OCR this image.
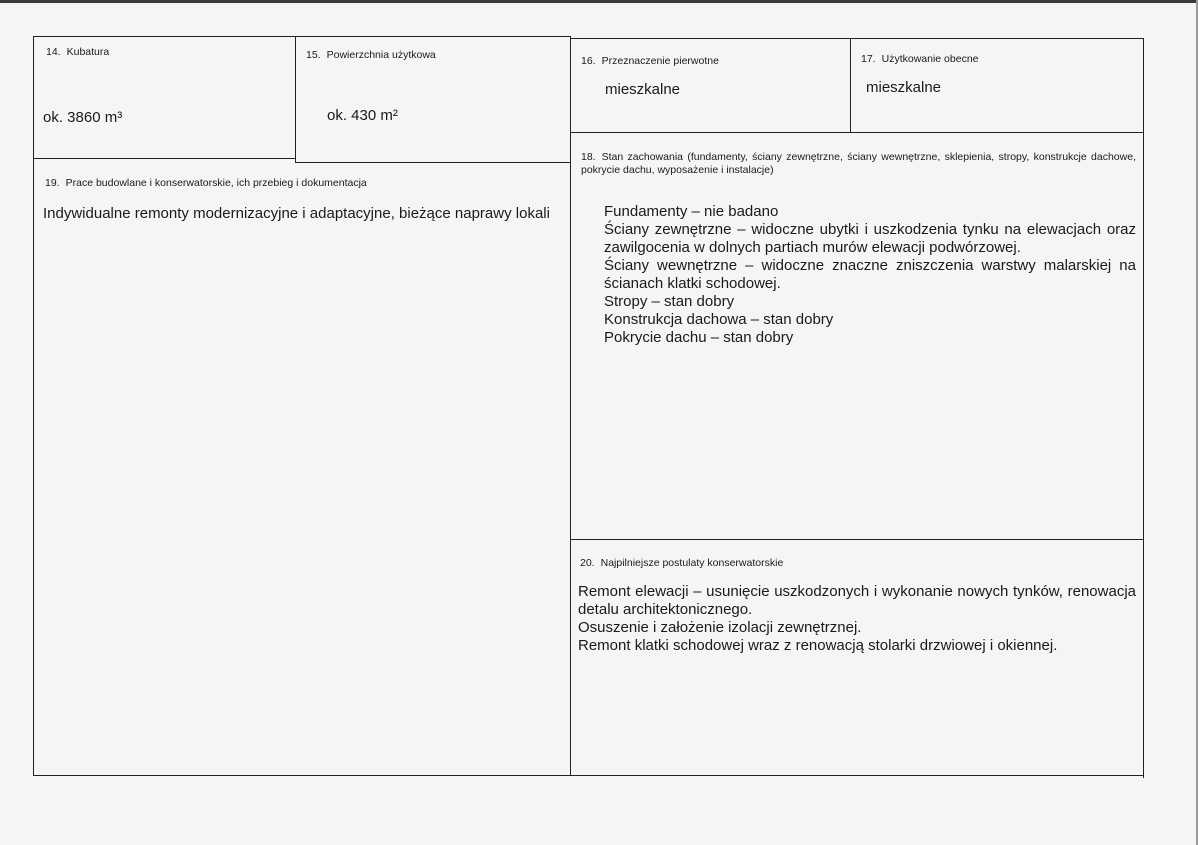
14. Kubatura
ok. 3860 m³
15. Powierzchnia użytkowa
ok. 430 m²
16. Przeznaczenie pierwotne
mieszkalne
17. Użytkowanie obecne
mieszkalne
18. Stan zachowania (fundamenty, ściany zewnętrzne, ściany wewnętrzne, sklepienia, stropy, konstrukcje dachowe, pokrycie dachu, wyposażenie i instalacje)
Fundamenty – nie badano
Ściany zewnętrzne – widoczne ubytki i uszkodzenia tynku na elewacjach oraz zawilgocenia w dolnych partiach murów elewacji podwórzowej.
Ściany wewnętrzne – widoczne znaczne zniszczenia warstwy malarskiej na ścianach klatki schodowej.
Stropy – stan dobry
Konstrukcja dachowa – stan dobry
Pokrycie dachu – stan dobry
19. Prace budowlane i konserwatorskie, ich przebieg i dokumentacja
Indywidualne remonty modernizacyjne i adaptacyjne, bieżące naprawy lokali
20. Najpilniejsze postulaty konserwatorskie
Remont elewacji – usunięcie uszkodzonych i wykonanie nowych tynków, renowacja detalu architektonicznego.
Osuszenie i założenie izolacji zewnętrznej.
Remont klatki schodowej wraz z renowacją stolarki drzwiowej i okiennej.
